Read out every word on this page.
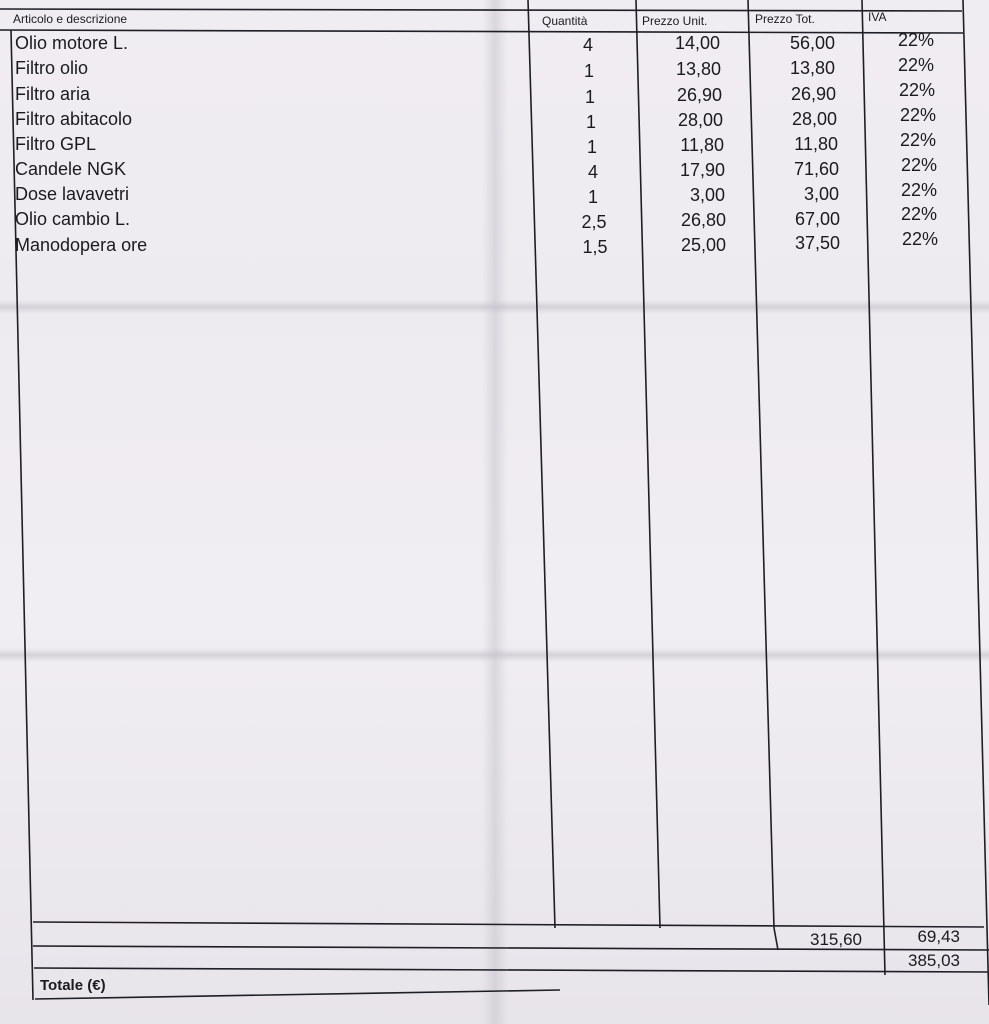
Articolo e descrizione	Quantità	Prezzo Unit.	Prezzo Tot.	IVA
Olio motore L.	4	14,00	56,00	22%
Filtro olio	1	13,80	13,80	22%
Filtro aria	1	26,90	26,90	22%
Filtro abitacolo	1	28,00	28,00	22%
Filtro GPL	1	11,80	11,80	22%
Candele NGK	4	17,90	71,60	22%
Dose lavavetri	1	3,00	3,00	22%
Olio cambio L.	2,5	26,80	67,00	22%
Manodopera ore	1,5	25,00	37,50	22%
315,60	69,43
385,03
Totale (€)
